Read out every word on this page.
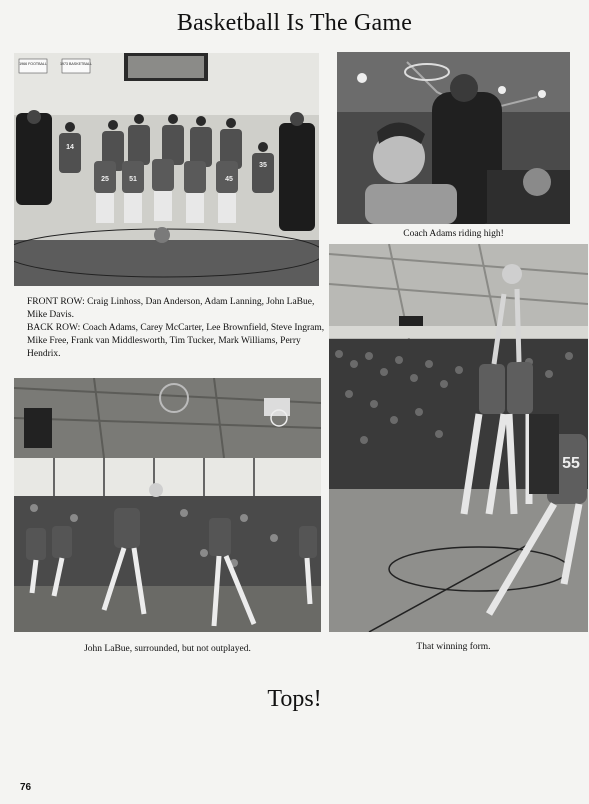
Basketball Is The Game
1966 FOOTBALL	1973 BASKETBALL
25	51	45
35
14

FRONT ROW: Craig Linhoss, Dan Anderson, Adam Lanning, John LaBue, Mike Davis.

BACK ROW: Coach Adams, Carey McCarter, Lee Brownfield, Steve Ingram, Mike Free, Frank van Middlesworth, Tim Tucker, Mark Williams, Perry Hendrix.

Coach Adams riding high!
55
That winning form.
John LaBue, surrounded, but not outplayed.
Tops!
76
